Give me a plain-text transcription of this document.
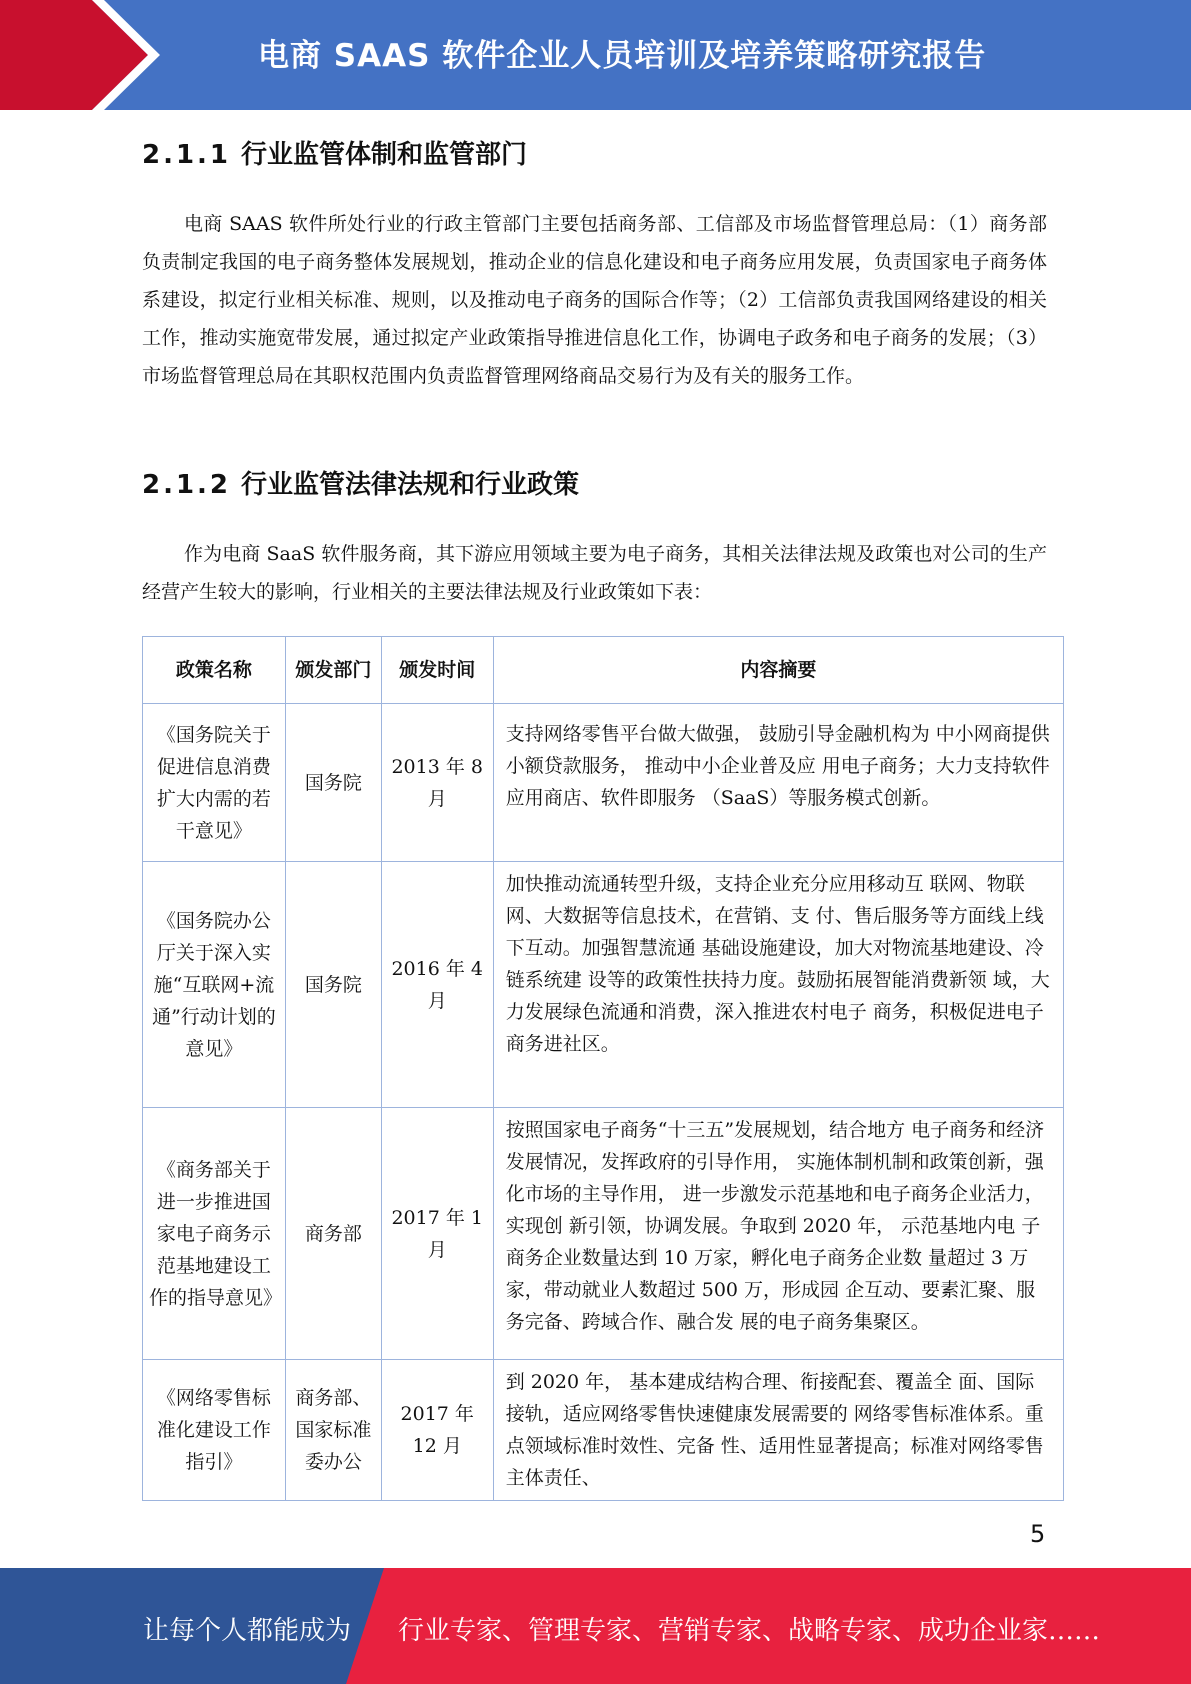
电商 SAAS 软件企业人员培训及培养策略研究报告
2.1.1 行业监管体制和监管部门

电商 SAAS 软件所处行业的行政主管部门主要包括商务部、工信部及市场监督管理总局：（1）商务部负责制定我国的电子商务整体发展规划，推动企业的信息化建设和电子商务应用发展，负责国家电子商务体系建设，拟定行业相关标准、规则，以及推动电子商务的国际合作等；（2）工信部负责我国网络建设的相关工作，推动实施宽带发展，通过拟定产业政策指导推进信息化工作，协调电子政务和电子商务的发展；（3）市场监督管理总局在其职权范围内负责监督管理网络商品交易行为及有关的服务工作。

2.1.2 行业监管法律法规和行业政策

作为电商 SaaS 软件服务商，其下游应用领域主要为电子商务，其相关法律法规及政策也对公司的生产经营产生较大的影响，行业相关的主要法律法规及行业政策如下表：

政策名称	颁发部门	颁发时间	内容摘要
《国务院关于促进信息消费扩大内需的若干意见》	国务院	2013 年 8 月	支持网络零售平台做大做强， 鼓励引导金融机构为 中小网商提供小额贷款服务， 推动中小企业普及应 用电子商务；大力支持软件应用商店、软件即服务 （SaaS）等服务模式创新。
《国务院办公厅关于深入实施“互联网+流通”行动计划的意见》	国务院	2016 年 4 月	加快推动流通转型升级，支持企业充分应用移动互 联网、物联网、大数据等信息技术，在营销、支 付、售后服务等方面线上线下互动。加强智慧流通 基础设施建设，加大对物流基地建设、冷链系统建 设等的政策性扶持力度。鼓励拓展智能消费新领 域，大力发展绿色流通和消费，深入推进农村电子 商务，积极促进电子商务进社区。
《商务部关于进一步推进国家电子商务示范基地建设工作的指导意见》	商务部	2017 年 1 月	按照国家电子商务“十三五”发展规划，结合地方 电子商务和经济发展情况，发挥政府的引导作用， 实施体制机制和政策创新，强化市场的主导作用， 进一步激发示范基地和电子商务企业活力，实现创 新引领，协调发展。争取到 2020 年， 示范基地内电 子商务企业数量达到 10 万家，孵化电子商务企业数 量超过 3 万家，带动就业人数超过 500 万，形成园 企互动、要素汇聚、服务完备、跨域合作、融合发 展的电子商务集聚区。
《网络零售标准化建设工作指引》	商务部、国家标准委办公	2017 年 12 月	到 2020 年， 基本建成结构合理、衔接配套、覆盖全 面、国际接轨，适应网络零售快速健康发展需要的 网络零售标准体系。重点领域标准时效性、完备 性、适用性显著提高；标准对网络零售主体责任、
5
让每个人都能成为 行业专家、管理专家、营销专家、战略专家、成功企业家……
